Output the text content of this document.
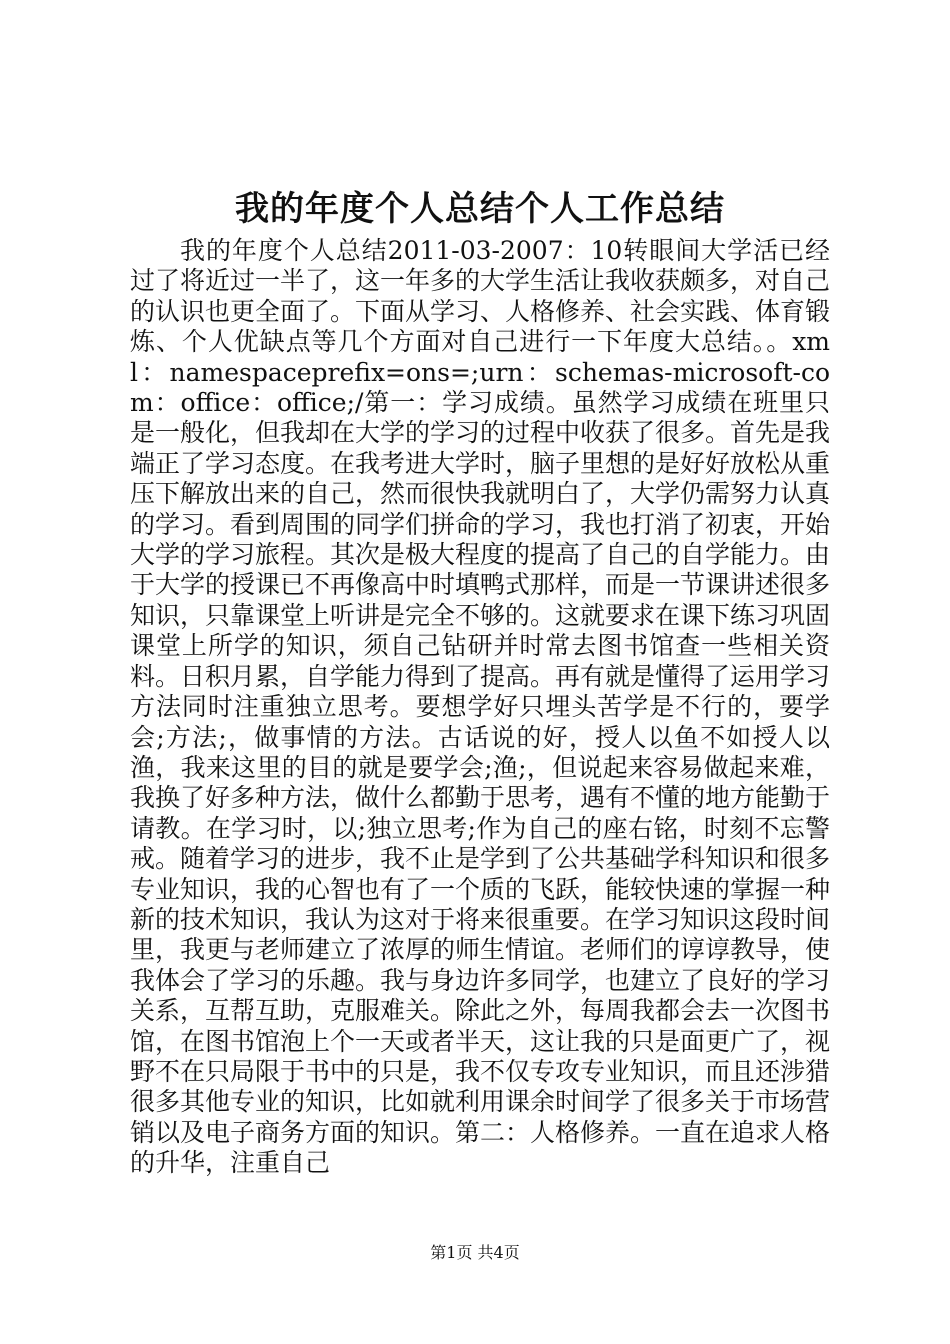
我的年度个人总结个人工作总结

我的年度个人总结2011-03-2007：10转眼间大学活已经过了将近过一半了，这一年多的大学生活让我收获颇多，对自己的认识也更全面了。下面从学习、人格修养、社会实践、体育锻炼、个人优缺点等几个方面对自己进行一下年度大总结。。xml：namespaceprefix=ons=;urn：schemas-microsoft-com：office：office;/第一：学习成绩。虽然学习成绩在班里只是一般化，但我却在大学的学习的过程中收获了很多。首先是我端正了学习态度。在我考进大学时，脑子里想的是好好放松从重压下解放出来的自己，然而很快我就明白了，大学仍需努力认真的学习。看到周围的同学们拼命的学习，我也打消了初衷，开始大学的学习旅程。其次是极大程度的提高了自己的自学能力。由于大学的授课已不再像高中时填鸭式那样，而是一节课讲述很多知识，只靠课堂上听讲是完全不够的。这就要求在课下练习巩固课堂上所学的知识，须自己钻研并时常去图书馆查一些相关资料。日积月累，自学能力得到了提高。再有就是懂得了运用学习方法同时注重独立思考。要想学好只埋头苦学是不行的，要学会;方法;，做事情的方法。古话说的好，授人以鱼不如授人以渔，我来这里的目的就是要学会;渔;，但说起来容易做起来难，我换了好多种方法，做什么都勤于思考，遇有不懂的地方能勤于请教。在学习时，以;独立思考;作为自己的座右铭，时刻不忘警戒。随着学习的进步，我不止是学到了公共基础学科知识和很多专业知识，我的心智也有了一个质的飞跃，能较快速的掌握一种新的技术知识，我认为这对于将来很重要。在学习知识这段时间里，我更与老师建立了浓厚的师生情谊。老师们的谆谆教导，使我体会了学习的乐趣。我与身边许多同学，也建立了良好的学习关系，互帮互助，克服难关。除此之外，每周我都会去一次图书馆，在图书馆泡上个一天或者半天，这让我的只是面更广了，视野不在只局限于书中的只是，我不仅专攻专业知识，而且还涉猎很多其他专业的知识，比如就利用课余时间学了很多关于市场营销以及电子商务方面的知识。第二：人格修养。一直在追求人格的升华，注重自己

第1页 共4页
